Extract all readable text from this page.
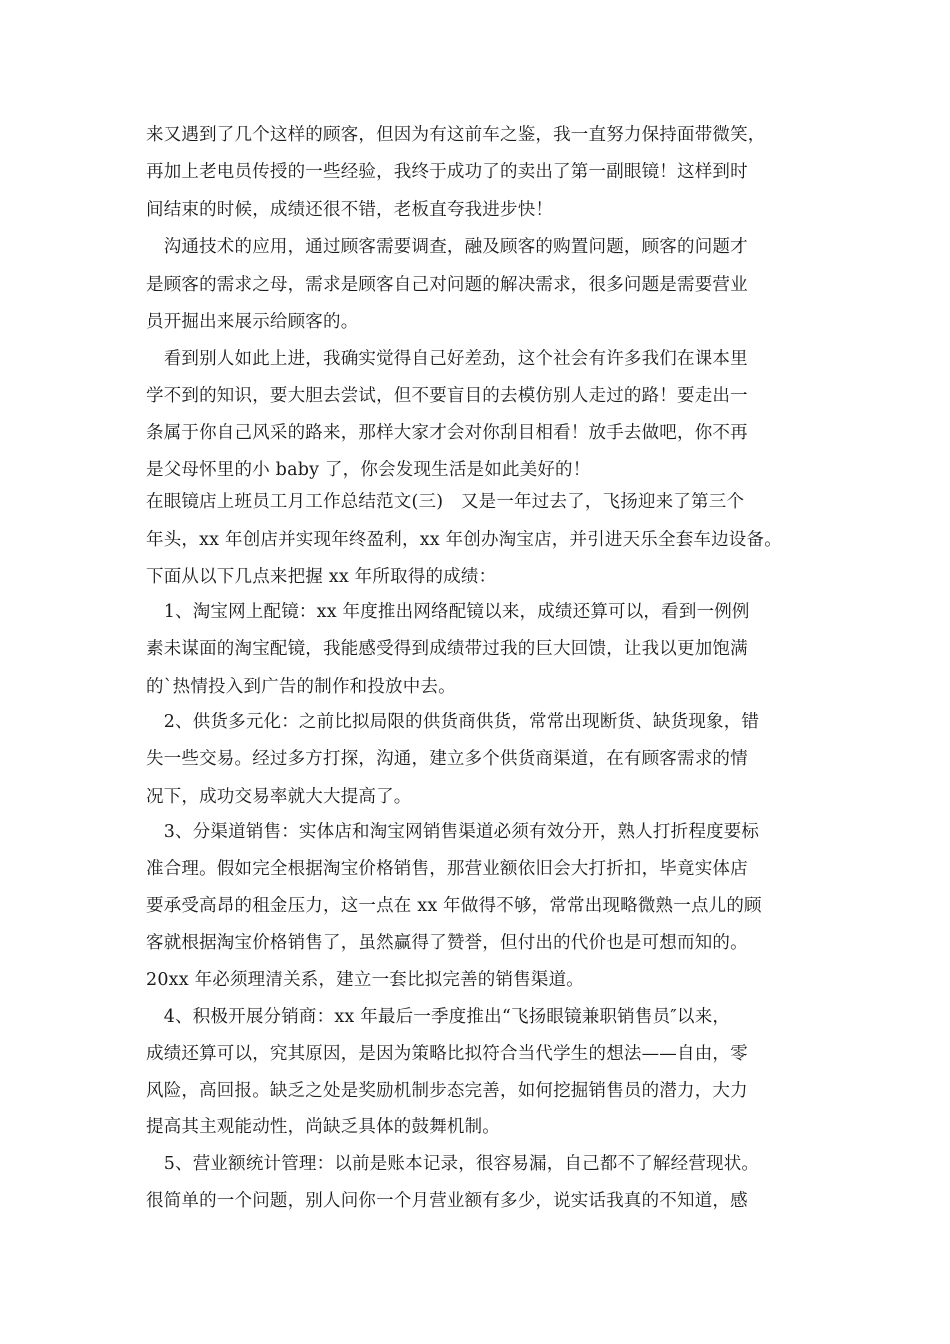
来又遇到了几个这样的顾客，但因为有这前车之鉴，我一直努力保持面带微笑，
再加上老电员传授的一些经验，我终于成功了的卖出了第一副眼镜！这样到时
间结束的时候，成绩还很不错，老板直夸我进步快！
　沟通技术的应用，通过顾客需要调查，融及顾客的购置问题，顾客的问题才
是顾客的需求之母，需求是顾客自己对问题的解决需求，很多问题是需要营业
员开掘出来展示给顾客的。
　看到别人如此上进，我确实觉得自己好差劲，这个社会有许多我们在课本里
学不到的知识，要大胆去尝试，但不要盲目的去模仿别人走过的路！要走出一
条属于你自己风采的路来，那样大家才会对你刮目相看！放手去做吧，你不再
是父母怀里的小 baby 了，你会发现生活是如此美好的！
在眼镜店上班员工月工作总结范文(三)　又是一年过去了，飞扬迎来了第三个
年头，xx 年创店并实现年终盈利，xx 年创办淘宝店，并引进天乐全套车边设备。
下面从以下几点来把握 xx 年所取得的成绩：
　1、淘宝网上配镜：xx 年度推出网络配镜以来，成绩还算可以，看到一例例
素未谋面的淘宝配镜，我能感受得到成绩带过我的巨大回馈，让我以更加饱满
的`热情投入到广告的制作和投放中去。
　2、供货多元化：之前比拟局限的供货商供货，常常出现断货、缺货现象，错
失一些交易。经过多方打探，沟通，建立多个供货商渠道，在有顾客需求的情
况下，成功交易率就大大提高了。
　3、分渠道销售：实体店和淘宝网销售渠道必须有效分开，熟人打折程度要标
准合理。假如完全根据淘宝价格销售，那营业额依旧会大打折扣，毕竟实体店
要承受高昂的租金压力，这一点在 xx 年做得不够，常常出现略微熟一点儿的顾
客就根据淘宝价格销售了，虽然赢得了赞誉，但付出的代价也是可想而知的。
20xx 年必须理清关系，建立一套比拟完善的销售渠道。
　4、积极开展分销商：xx 年最后一季度推出“飞扬眼镜兼职销售员″以来，
成绩还算可以，究其原因，是因为策略比拟符合当代学生的想法——自由，零
风险，高回报。缺乏之处是奖励机制步态完善，如何挖掘销售员的潜力，大力
提高其主观能动性，尚缺乏具体的鼓舞机制。
　5、营业额统计管理：以前是账本记录，很容易漏，自己都不了解经营现状。
很简单的一个问题，别人问你一个月营业额有多少，说实话我真的不知道，感
